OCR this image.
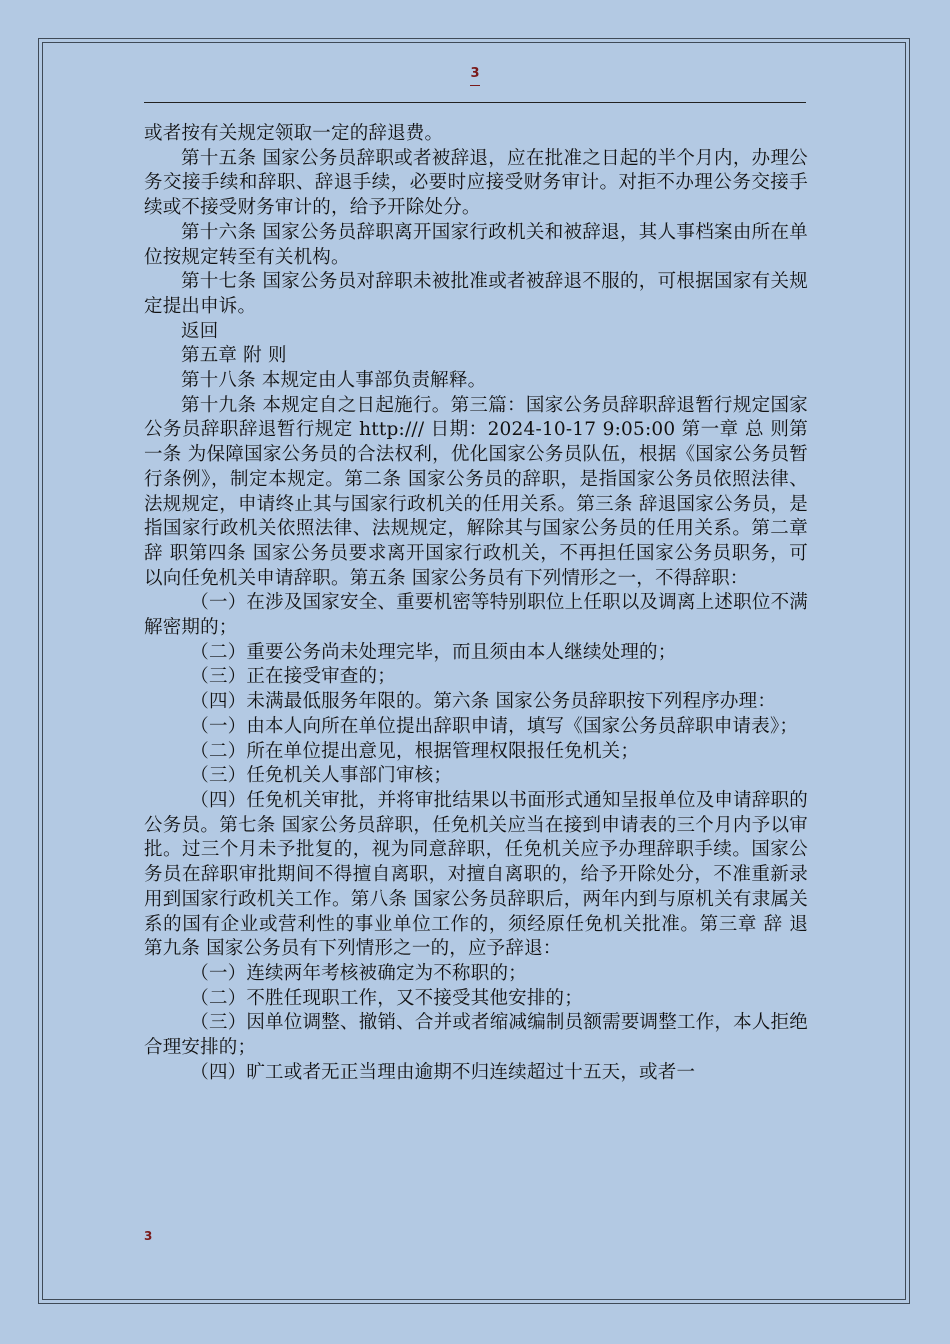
3

或者按有关规定领取一定的辞退费。

第十五条 国家公务员辞职或者被辞退，应在批准之日起的半个月内，办理公务交接手续和辞职、辞退手续，必要时应接受财务审计。对拒不办理公务交接手续或不接受财务审计的，给予开除处分。

第十六条 国家公务员辞职离开国家行政机关和被辞退，其人事档案由所在单位按规定转至有关机构。

第十七条 国家公务员对辞职未被批准或者被辞退不服的，可根据国家有关规定提出申诉。

返回

第五章 附 则

第十八条 本规定由人事部负责解释。

第十九条 本规定自之日起施行。第三篇：国家公务员辞职辞退暂行规定国家公务员辞职辞退暂行规定 http:/// 日期：2024-10-17 9:05:00 第一章 总 则第一条 为保障国家公务员的合法权利，优化国家公务员队伍，根据《国家公务员暂行条例》，制定本规定。第二条 国家公务员的辞职，是指国家公务员依照法律、法规规定，申请终止其与国家行政机关的任用关系。第三条 辞退国家公务员，是指国家行政机关依照法律、法规规定，解除其与国家公务员的任用关系。第二章 辞 职第四条 国家公务员要求离开国家行政机关，不再担任国家公务员职务，可以向任免机关申请辞职。第五条 国家公务员有下列情形之一，不得辞职：

（一）在涉及国家安全、重要机密等特别职位上任职以及调离上述职位不满解密期的；

（二）重要公务尚未处理完毕，而且须由本人继续处理的；

（三）正在接受审查的；

（四）未满最低服务年限的。第六条 国家公务员辞职按下列程序办理：

（一）由本人向所在单位提出辞职申请，填写《国家公务员辞职申请表》；

（二）所在单位提出意见，根据管理权限报任免机关；

（三）任免机关人事部门审核；

（四）任免机关审批，并将审批结果以书面形式通知呈报单位及申请辞职的公务员。第七条 国家公务员辞职，任免机关应当在接到申请表的三个月内予以审批。过三个月未予批复的，视为同意辞职，任免机关应予办理辞职手续。国家公务员在辞职审批期间不得擅自离职，对擅自离职的，给予开除处分，不准重新录用到国家行政机关工作。第八条 国家公务员辞职后，两年内到与原机关有隶属关系的国有企业或营利性的事业单位工作的，须经原任免机关批准。第三章 辞 退第九条 国家公务员有下列情形之一的，应予辞退：

（一）连续两年考核被确定为不称职的；

（二）不胜任现职工作，又不接受其他安排的；

（三）因单位调整、撤销、合并或者缩减编制员额需要调整工作，本人拒绝合理安排的；

（四）旷工或者无正当理由逾期不归连续超过十五天，或者一

3
